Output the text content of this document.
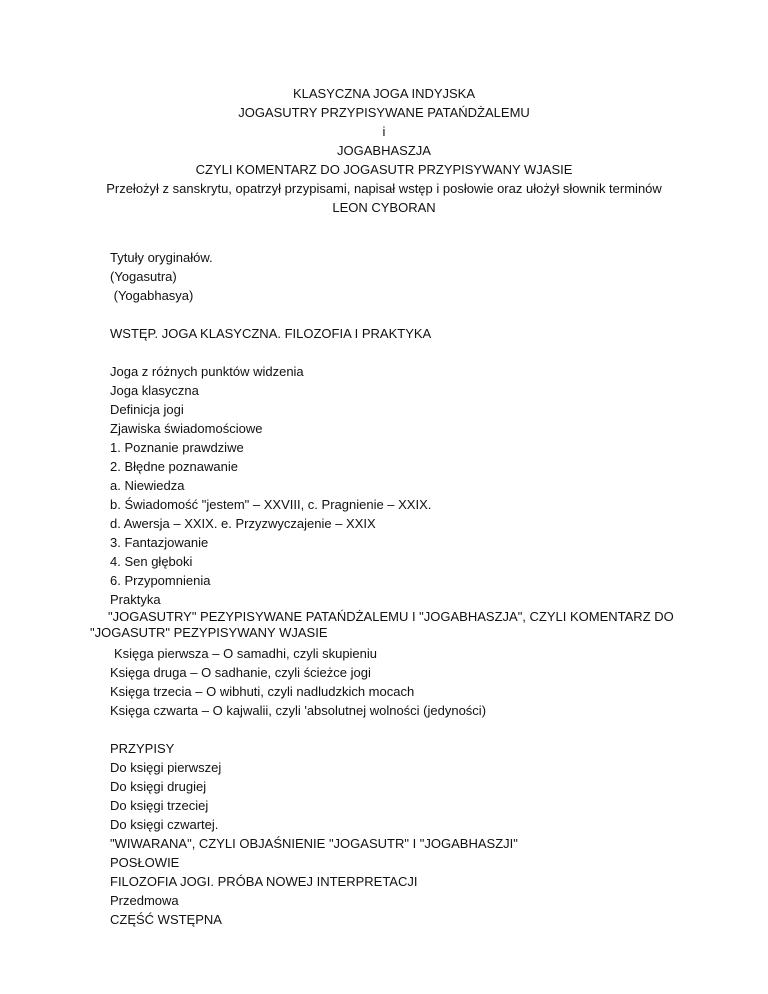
KLASYCZNA JOGA INDYJSKA
JOGASUTRY PRZYPISYWANE PATAŃDŻALEMU
i
JOGABHASZJA
CZYLI KOMENTARZ DO JOGASUTR PRZYPISYWANY WJASIE
Przełożył z sanskrytu, opatrzył przypisami, napisał wstęp i posłowie oraz ułożył słownik terminów
LEON CYBORAN
Tytuły oryginałów.
(Yogasutra)
(Yogabhasya)
WSTĘP. JOGA KLASYCZNA. FILOZOFIA I PRAKTYKA
Joga z różnych punktów widzenia
Joga klasyczna
Definicja jogi
Zjawiska świadomościowe
1. Poznanie prawdziwe
2. Błędne poznawanie
a. Niewiedza
b. Świadomość "jestem" – XXVIII, c. Pragnienie – XXIX.
d. Awersja – XXIX. e. Przyzwyczajenie – XXIX
3. Fantazjowanie
4. Sen głęboki
6. Przypomnienia
Praktyka
"JOGASUTRY" PEZYPISYWANE PATAŃDŻALEMU I "JOGABHASZJA", CZYLI KOMENTARZ DO
"JOGASUTR" PEZYPISYWANY WJASIE
Księga pierwsza – O samadhi, czyli skupieniu
Księga druga – O sadhanie, czyli ścieżce jogi
Księga trzecia – O wibhuti, czyli nadludzkich mocach
Księga czwarta – O kajwalii, czyli 'absolutnej wolności (jedyności)
PRZYPISY
Do księgi pierwszej
Do księgi drugiej
Do księgi trzeciej
Do księgi czwartej.
"WIWARANA", CZYLI OBJAŚNIENIE "JOGASUTR" I "JOGABHASZJI"
POSŁOWIE
FILOZOFIA JOGI. PRÓBA NOWEJ INTERPRETACJI
Przedmowa
CZĘŚĆ WSTĘPNA
